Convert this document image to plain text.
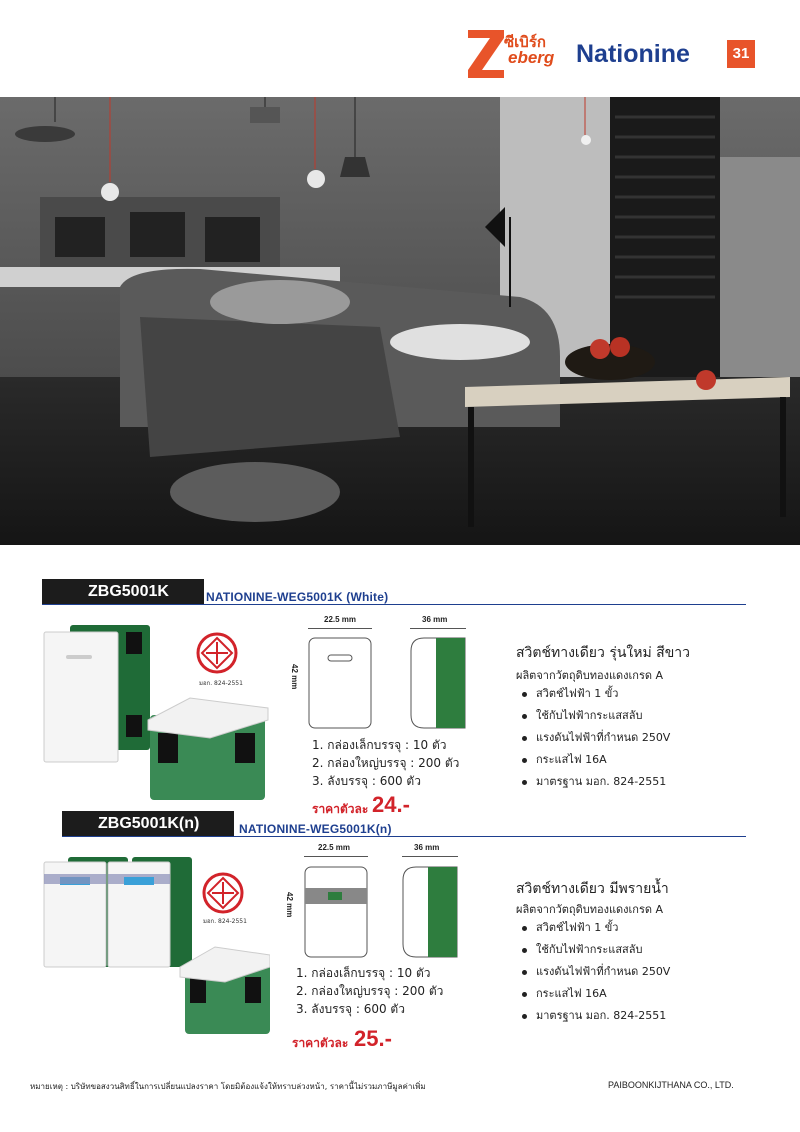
ซีเบิร์ก
eberg Nationine	31
ZBG5001K	NATIONINE-WEG5001K (White)
มอก. 824-2551
22.5 mm	36 mm
42 mm
1. กล่องเล็กบรรจุ : 10 ตัว
2. กล่องใหญ่บรรจุ : 200 ตัว
3. ลังบรรจุ : 600 ตัว
ราคาตัวละ 24.-
สวิตช์ทางเดียว รุ่นใหม่ สีขาว
ผลิตจากวัตถุดิบทองแดงเกรด A
สวิตช์ไฟฟ้า 1 ขั้ว
ใช้กับไฟฟ้ากระแสสลับ
แรงดันไฟฟ้าที่กำหนด 250V
กระแสไฟ 16A
มาตรฐาน มอก. 824-2551
ZBG5001K(n)	NATIONINE-WEG5001K(n)
มอก. 824-2551
22.5 mm	36 mm
42 mm
1. กล่องเล็กบรรจุ : 10 ตัว
2. กล่องใหญ่บรรจุ : 200 ตัว
3. ลังบรรจุ : 600 ตัว
ราคาตัวละ 25.-
สวิตช์ทางเดียว มีพรายน้ำ
ผลิตจากวัตถุดิบทองแดงเกรด A
สวิตช์ไฟฟ้า 1 ขั้ว
ใช้กับไฟฟ้ากระแสสลับ
แรงดันไฟฟ้าที่กำหนด 250V
กระแสไฟ 16A
มาตรฐาน มอก. 824-2551
หมายเหตุ : บริษัทขอสงวนสิทธิ์ในการเปลี่ยนแปลงราคา โดยมิต้องแจ้งให้ทราบล่วงหน้า, ราคานี้ไม่รวมภาษีมูลค่าเพิ่ม	PAIBOONKIJTHANA CO., LTD.
